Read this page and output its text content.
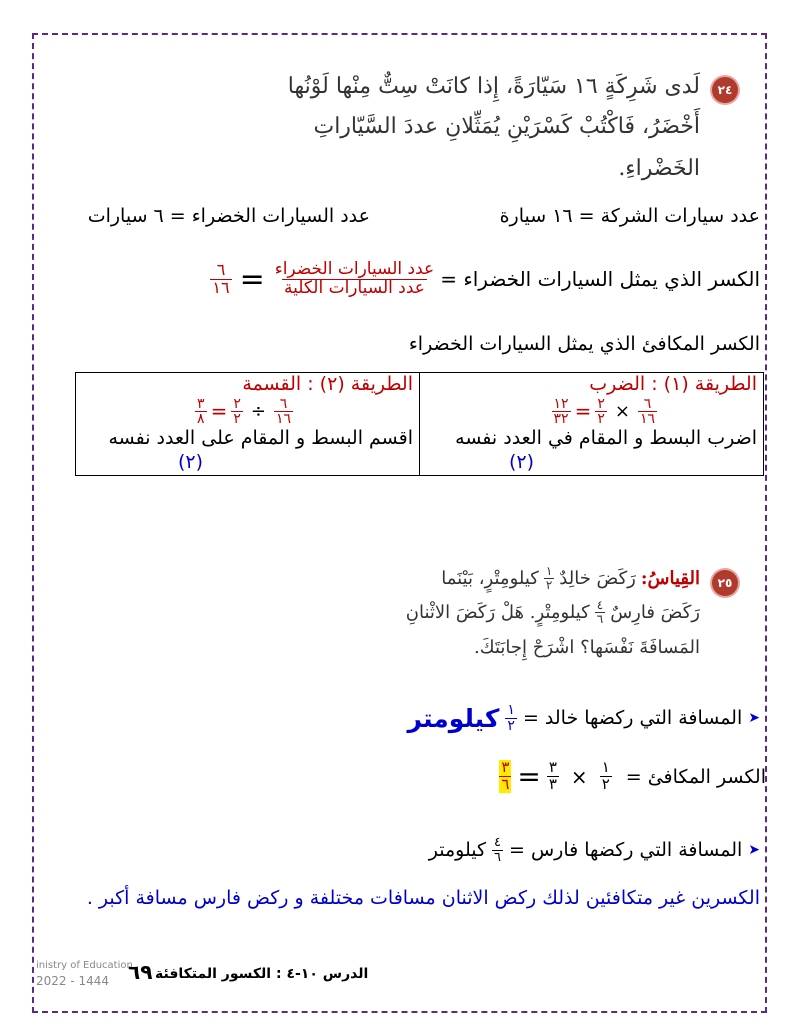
٢٤
لَدى شَرِكَةٍ ١٦ سَيّارَةً، إِذا كانَتْ سِتٌّ مِنْها لَوْنُها
أَخْضَرُ، فَاكْتُبْ كَسْرَيْنِ يُمَثِّلانِ عددَ السَّيّاراتِ
الخَضْراءِ.
عدد سيارات الشركة = ١٦ سيارة
عدد السيارات الخضراء = ٦ سيارات
الكسر الذي يمثل السيارات الخضراء =
$\frac{\text{عدد السيارات الخضراء}}{\text{عدد السيارات الكلية}}$
=
$\frac{٦}{١٦}$
الكسر المكافئ الذي يمثل السيارات الخضراء
الطريقة (١) : الضرب
$\frac{١٢}{٣٢} = \frac{٢}{٢} \times \frac{٦}{١٦}$
اضرب البسط و المقام في العدد نفسه
(٢)

الطريقة (٢) : القسمة
$\frac{٣}{٨} = \frac{٢}{٢} \div \frac{٦}{١٦}$
اقسم البسط و المقام على العدد نفسه
(٢)
٢٥
القِياسُ:
رَكَضَ خالِدٌ
$\frac{١}{٢}$
كيلومِتْرٍ، بَيْنَما
رَكَضَ فارِسٌ
$\frac{٤}{٦}$
كيلومِتْرٍ. هَلْ رَكَضَ الاثْنانِ
المَسافَةَ نَفْسَها؟ اشْرَحْ إِجابَتَكَ.
➤
المسافة التي ركضها خالد =
$\frac{١}{٢}$
كيلومتر
$\frac{٣}{٦} = \frac{٣}{٣} \times \frac{١}{٢}$ الكسر المكافئ =
➤
المسافة التي ركضها فارس =
$\frac{٤}{٦}$
كيلومتر
الكسرين غير متكافئين لذلك ركض الاثنان مسافات مختلفة و ركض فارس مسافة أكبر .
inistry of Education
2022 - 1444 ٦٩ الدرس ١٠-٤ : الكسور المتكافئة
